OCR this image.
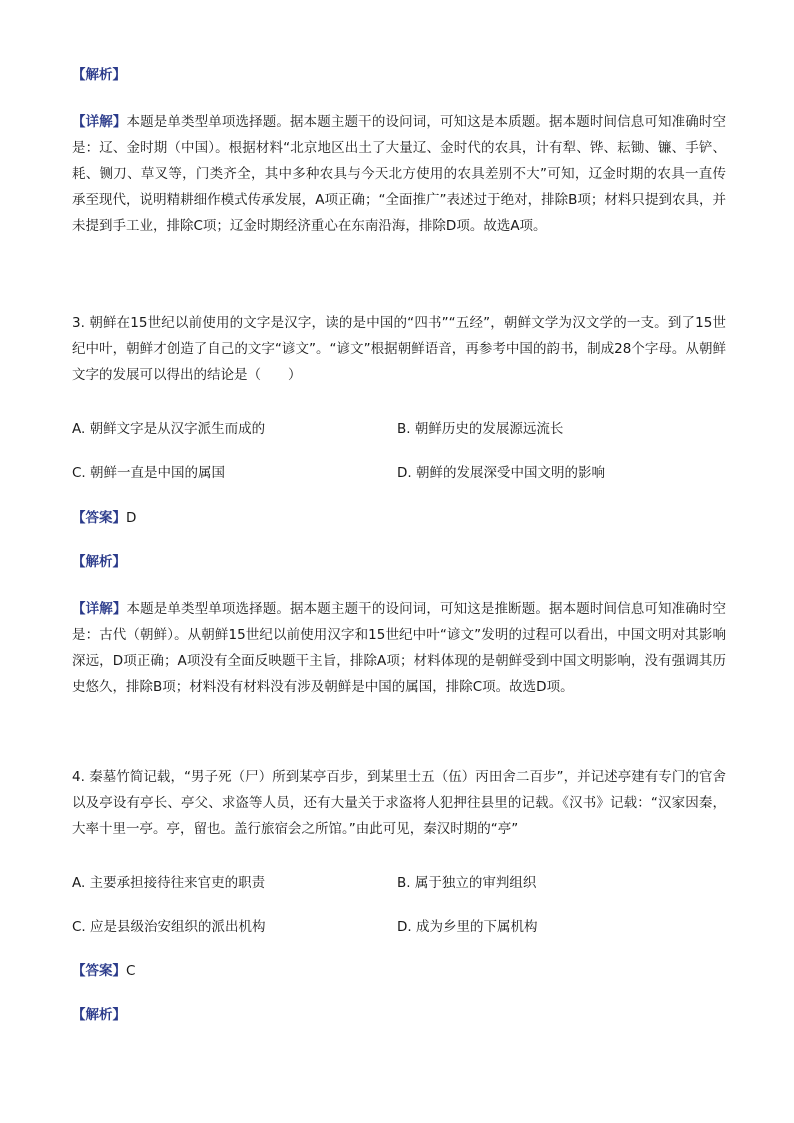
【解析】

【详解】本题是单类型单项选择题。据本题主题干的设问词，可知这是本质题。据本题时间信息可知准确时空是：辽、金时期（中国）。根据材料“北京地区出土了大量辽、金时代的农具，计有犁、铧、耘锄、镰、手铲、耗、铡刀、草叉等，门类齐全，其中多种农具与今天北方使用的农具差别不大”可知，辽金时期的农具一直传承至现代，说明精耕细作模式传承发展，A项正确；“全面推广”表述过于绝对，排除B项；材料只提到农具，并未提到手工业，排除C项；辽金时期经济重心在东南沿海，排除D项。故选A项。

3. 朝鲜在15世纪以前使用的文字是汉字，读的是中国的“四书”“五经”，朝鲜文学为汉文学的一支。到了15世纪中叶，朝鲜才创造了自己的文字“谚文”。“谚文”根据朝鲜语音，再参考中国的韵书，制成28个字母。从朝鲜文字的发展可以得出的结论是（　　）

A. 朝鲜文字是从汉字派生而成的	B. 朝鲜历史的发展源远流长
C. 朝鲜一直是中国的属国	D. 朝鲜的发展深受中国文明的影响

【答案】D

【解析】

【详解】本题是单类型单项选择题。据本题主题干的设问词，可知这是推断题。据本题时间信息可知准确时空是：古代（朝鲜）。从朝鲜15世纪以前使用汉字和15世纪中叶“谚文”发明的过程可以看出，中国文明对其影响深远，D项正确；A项没有全面反映题干主旨，排除A项；材料体现的是朝鲜受到中国文明影响，没有强调其历史悠久，排除B项；材料没有材料没有涉及朝鲜是中国的属国，排除C项。故选D项。

4. 秦墓竹简记载，“男子死（尸）所到某亭百步，到某里士五（伍）丙田舍二百步”，并记述亭建有专门的官舍以及亭设有亭长、亭父、求盗等人员，还有大量关于求盗将人犯押往县里的记载。《汉书》记载：“汉家因秦，大率十里一亭。亭，留也。盖行旅宿会之所馆。”由此可见，秦汉时期的“亭”

A. 主要承担接待往来官吏的职责	B. 属于独立的审判组织
C. 应是县级治安组织的派出机构	D. 成为乡里的下属机构

【答案】C

【解析】
